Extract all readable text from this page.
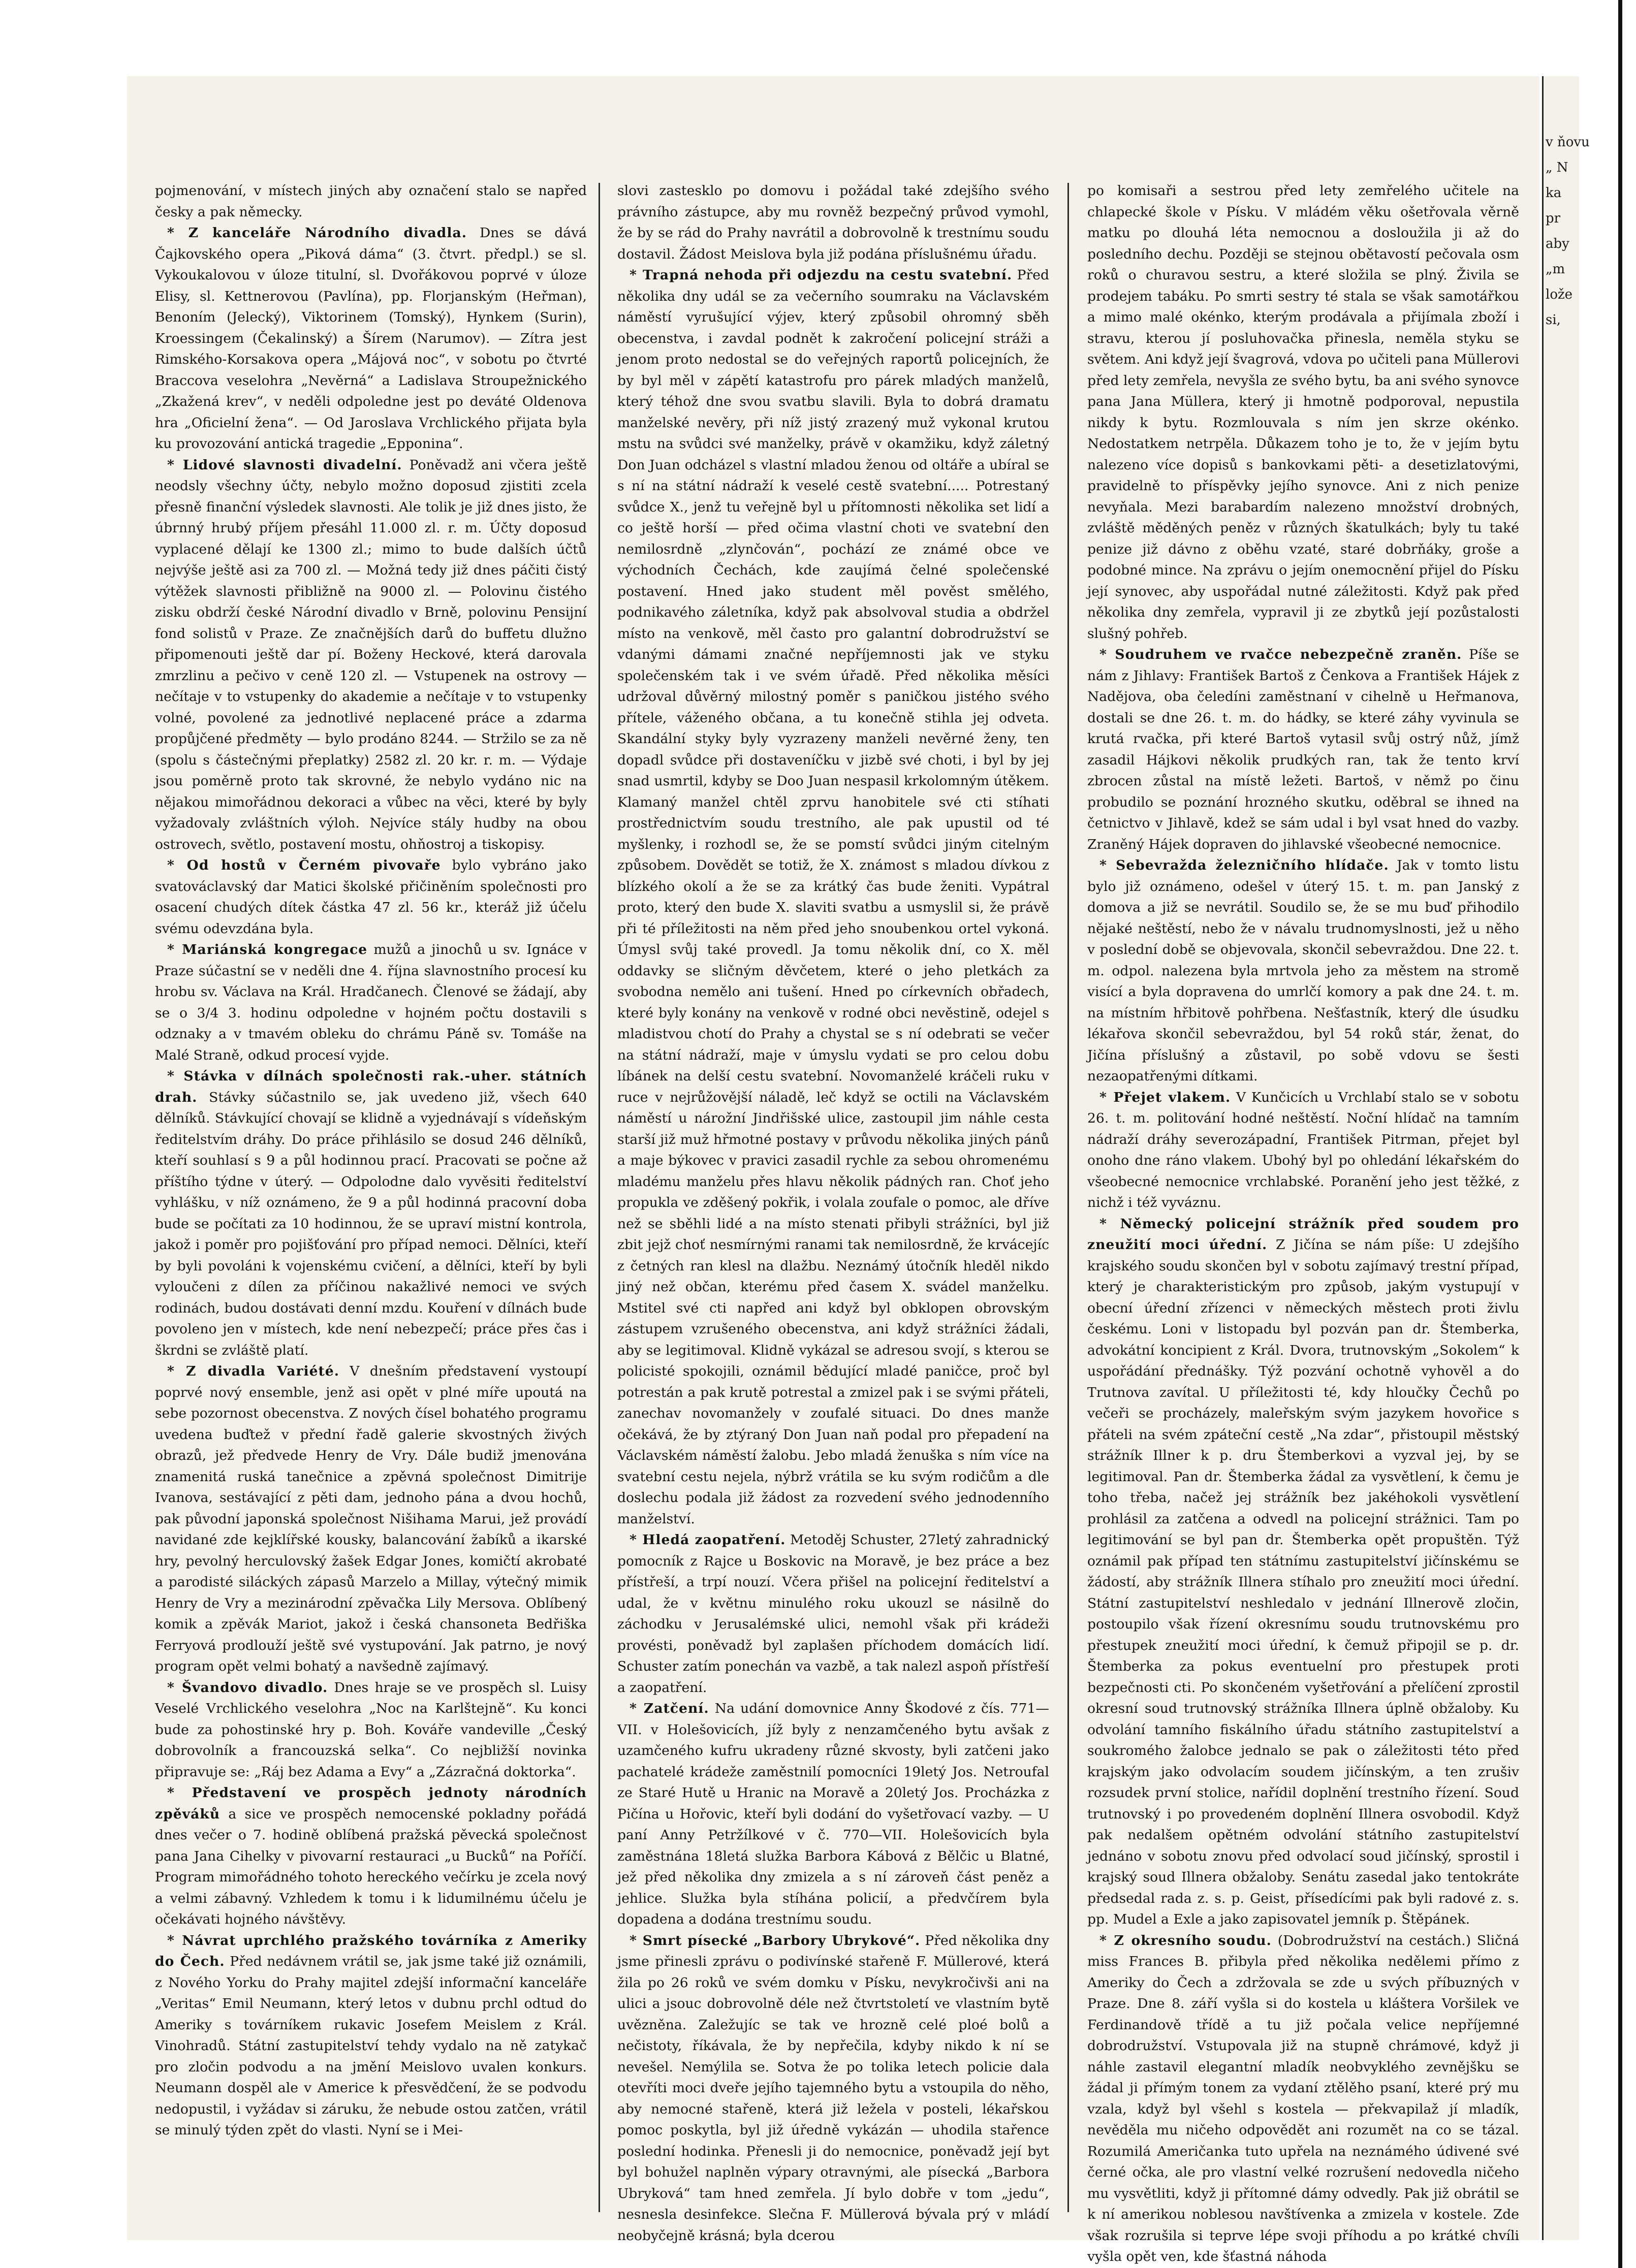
pojmenování, v místech jiných aby označení stalo se napřed česky a pak německy.

* Z kanceláře Národního divadla. Dnes se dává Čajkovského opera „Piková dáma“ (3. čtvrt. předpl.) se sl. Vykoukalovou v úloze titulní, sl. Dvořákovou poprvé v úloze Elisy, sl. Kettnerovou (Pavlína), pp. Florjanským (Heřman), Benoním (Jelecký), Viktorinem (Tomský), Hynkem (Surin), Kroessingem (Čekalinský) a Šírem (Narumov). — Zítra jest Rimského-Korsakova opera „Májová noc“, v sobotu po čtvrté Braccova veselohra „Nevěrná“ a Ladislava Stroupežnického „Zkažená krev“, v neděli odpoledne jest po deváté Oldenova hra „Oficielní žena“. — Od Jaroslava Vrchlického přijata byla ku provozování antická tragedie „Epponina“.

* Lidové slavnosti divadelní. Poněvadž ani včera ještě neodsly všechny účty, nebylo možno doposud zjistiti zcela přesně finanční výsledek slavnosti. Ale tolik je již dnes jisto, že úbrnný hrubý příjem přesáhl 11.000 zl. r. m. Účty doposud vyplacené dělají ke 1300 zl.; mimo to bude dalších účtů nejvýše ještě asi za 700 zl. — Možná tedy již dnes páčiti čistý výtěžek slavnosti přibližně na 9000 zl. — Polovinu čistého zisku obdrží české Národní divadlo v Brně, polovinu Pensijní fond solistů v Praze. Ze značnějších darů do buffetu dlužno připomenouti ještě dar pí. Boženy Heckové, která darovala zmrzlinu a pečivo v ceně 120 zl. — Vstupenek na ostrovy — nečítaje v to vstupenky do akademie a nečítaje v to vstupenky volné, povolené za jednotlivé neplacené práce a zdarma propůjčené předměty — bylo prodáno 8244. — Stržilo se za ně (spolu s částečnými přeplatky) 2582 zl. 20 kr. r. m. — Výdaje jsou poměrně proto tak skrovné, že nebylo vydáno nic na nějakou mimořádnou dekoraci a vůbec na věci, které by byly vyžadovaly zvláštních výloh. Nejvíce stály hudby na obou ostrovech, světlo, postavení mostu, ohňostroj a tiskopisy.

* Od hostů v Černém pivovaře bylo vybráno jako svatováclavský dar Matici školské přičiněním společnosti pro osacení chudých dítek částka 47 zl. 56 kr., kteráž již účelu svému odevzdána byla.

* Mariánská kongregace mužů a jinochů u sv. Ignáce v Praze súčastní se v neděli dne 4. října slavnostního procesí ku hrobu sv. Václava na Král. Hradčanech. Členové se žádají, aby se o 3/4 3. hodinu odpoledne v hojném počtu dostavili s odznaky a v tmavém obleku do chrámu Páně sv. Tomáše na Malé Straně, odkud procesí vyjde.

* Stávka v dílnách společnosti rak.-uher. státních drah. Stávky súčastnilo se, jak uvedeno již, všech 640 dělníků. Stávkující chovají se klidně a vyjednávají s vídeňským ředitelstvím dráhy. Do práce přihlásilo se dosud 246 dělníků, kteří souhlasí s 9 a půl hodinnou prací. Pracovati se počne až příštího týdne v úterý. — Odpolodne dalo vyvěsiti ředitelství vyhlášku, v níž oznámeno, že 9 a půl hodinná pracovní doba bude se počítati za 10 hodinnou, že se upraví mistní kontrola, jakož i poměr pro pojišťování pro případ nemoci. Dělníci, kteří by byli povoláni k vojenskému cvičení, a dělníci, kteří by byli vyloučeni z dílen za příčinou nakažlivé nemoci ve svých rodinách, budou dostávati denní mzdu. Kouření v dílnách bude povoleno jen v místech, kde není nebezpečí; práce přes čas i škrdni se zvláště platí.

* Z divadla Variété. V dnešním představení vystoupí poprvé nový ensemble, jenž asi opět v plné míře upoutá na sebe pozornost obecenstva. Z nových čísel bohatého programu uvedena buďtež v přední řadě galerie skvostných živých obrazů, jež předvede Henry de Vry. Dále budiž jmenována znamenitá ruská tanečnice a zpěvná společnost Dimitrije Ivanova, sestávající z pěti dam, jednoho pána a dvou hochů, pak původní japonská společnost Nišihama Marui, jež provádí navidané zde kejklířské kousky, balancování žabíků a ikarské hry, pevolný herculovský žašek Edgar Jones, komičtí akrobaté a parodisté siláckých zápasů Marzelo a Millay, výtečný mimik Henry de Vry a mezinárodní zpěvačka Lily Mersova. Oblíbený komik a zpěvák Mariot, jakož i česká chansoneta Bedřiška Ferryová prodlouží ještě své vystupování. Jak patrno, je nový program opět velmi bohatý a navšedně zajímavý.

* Švandovo divadlo. Dnes hraje se ve prospěch sl. Luisy Veselé Vrchlického veselohra „Noc na Karlštejně“. Ku konci bude za pohostinské hry p. Boh. Kováře vandeville „Český dobrovolník a francouzská selka“. Co nejbližší novinka připravuje se: „Ráj bez Adama a Evy“ a „Zázračná doktorka“.

* Představení ve prospěch jednoty národních zpěváků a sice ve prospěch nemocenské pokladny pořádá dnes večer o 7. hodině oblíbená pražská pěvecká společnost pana Jana Cihelky v pivovarní restauraci „u Bucků“ na Poříčí. Program mimořádného tohoto hereckého večírku je zcela nový a velmi zábavný. Vzhledem k tomu i k lidumilnému účelu je očekávati hojného návštěvy.

* Návrat uprchlého pražského továrníka z Ameriky do Čech. Před nedávnem vrátil se, jak jsme také již oznámili, z Nového Yorku do Prahy majitel zdejší informační kanceláře „Veritas“ Emil Neumann, který letos v dubnu prchl odtud do Ameriky s továrníkem rukavic Josefem Meislem z Král. Vinohradů. Státní zastupitelství tehdy vydalo na ně zatykač pro zločin podvodu a na jmění Meislovo uvalen konkurs. Neumann dospěl ale v Americe k přesvědčení, že se podvodu nedopustil, i vyžádav si záruku, že nebude ostou zatčen, vrátil se minulý týden zpět do vlasti. Nyní se i Mei-

slovi zastesklo po domovu i požádal také zdejšího svého právního zástupce, aby mu rovněž bezpečný průvod vymohl, že by se rád do Prahy navrátil a dobrovolně k trestnímu soudu dostavil. Žádost Meislova byla již podána příslušnému úřadu.

* Trapná nehoda při odjezdu na cestu svatební. Před několika dny udál se za večerního soumraku na Václavském náměstí vyrušující výjev, který způsobil ohromný sběh obecenstva, i zavdal podnět k zakročení policejní stráži a jenom proto nedostal se do veřejných raportů policejních, že by byl měl v zápětí katastrofu pro párek mladých manželů, který téhož dne svou svatbu slavili. Byla to dobrá dramatu manželské nevěry, při níž jistý zrazený muž vykonal krutou mstu na svůdci své manželky, právě v okamžiku, když záletný Don Juan odcházel s vlastní mladou ženou od oltáře a ubíral se s ní na státní nádraží k veselé cestě svatební..... Potrestaný svůdce X., jenž tu veřejně byl u přítomnosti několika set lidí a co ještě horší — před očima vlastní choti ve svatební den nemilosrdně „zlynčován“, pochází ze známé obce ve východních Čechách, kde zaujímá čelné společenské postavení. Hned jako student měl pověst smělého, podnikavého záletníka, když pak absolvoval studia a obdržel místo na venkově, měl často pro galantní dobrodružství se vdanými dámami značné nepříjemnosti jak ve styku společenském tak i ve svém úřadě. Před několika měsíci udržoval důvěrný milostný poměr s paničkou jistého svého přítele, váženého občana, a tu konečně stihla jej odveta. Skandální styky byly vyzrazeny manželi nevěrné ženy, ten dopadl svůdce při dostaveníčku v jizbě své choti, i byl by jej snad usmrtil, kdyby se Doo Juan nespasil krkolomným útěkem. Klamaný manžel chtěl zprvu hanobitele své cti stíhati prostřednictvím soudu trestního, ale pak upustil od té myšlenky, i rozhodl se, že se pomstí svůdci jiným citelným způsobem. Dovědět se totiž, že X. známost s mladou dívkou z blízkého okolí a že se za krátký čas bude ženiti. Vypátral proto, který den bude X. slaviti svatbu a usmyslil si, že právě při té příležitosti na něm před jeho snoubenkou ortel vykoná. Úmysl svůj také provedl. Ja tomu několik dní, co X. měl oddavky se sličným děvčetem, které o jeho pletkách za svobodna nemělo ani tušení. Hned po církevních obřadech, které byly konány na venkově v rodné obci nevěstině, odejel s mladistvou chotí do Prahy a chystal se s ní odebrati se večer na státní nádraží, maje v úmyslu vydati se pro celou dobu líbánek na delší cestu svatební. Novomanželé kráčeli ruku v ruce v nejrůžovější náladě, leč když se octili na Václavském náměstí u nárožní Jindřišské ulice, zastoupil jim náhle cesta starší již muž hřmotné postavy v průvodu několika jiných pánů a maje býkovec v pravici zasadil rychle za sebou ohromenému mladému manželu přes hlavu několik pádných ran. Choť jeho propukla ve zděšený pokřik, i volala zoufale o pomoc, ale dříve než se sběhli lidé a na místo stenati přibyli strážníci, byl již zbit jejž choť nesmírnými ranami tak nemilosrdně, že krvácejíc z četných ran klesl na dlažbu. Neznámý útočník hleděl nikdo jiný než občan, kterému před časem X. svádel manželku. Mstitel své cti napřed ani když byl obklopen obrovským zástupem vzrušeného obecenstva, ani když strážníci žádali, aby se legitimoval. Klidně vykázal se adresou svojí, s kterou se policisté spokojili, oznámil bědující mladé paničce, proč byl potrestán a pak krutě potrestal a zmizel pak i se svými přáteli, zanechav novomanžely v zoufalé situaci. Do dnes manže očekává, že by ztýraný Don Juan naň podal pro přepadení na Václavském náměstí žalobu. Jebo mladá ženuška s ním více na svatební cestu nejela, nýbrž vrátila se ku svým rodičům a dle doslechu podala již žádost za rozvedení svého jednodenního manželství.

* Hledá zaopatření. Metoděj Schuster, 27letý zahradnický pomocník z Rajce u Boskovic na Moravě, je bez práce a bez přístřeší, a trpí nouzí. Včera přišel na policejní ředitelství a udal, že v květnu minulého roku ukouzl se násilně do záchodku v Jerusalémské ulici, nemohl však při krádeži provésti, poněvadž byl zaplašen příchodem domácích lidí. Schuster zatím ponechán va vazbě, a tak nalezl aspoň přístřeší a zaopatření.

* Zatčení. Na udání domovnice Anny Škodové z čís. 771—VII. v Holešovicích, jíž byly z nenzamčeného bytu avšak z uzamčeného kufru ukradeny různé skvosty, byli zatčeni jako pachatelé krádeže zaměstnilí pomocníci 19letý Jos. Netroufal ze Staré Hutě u Hranic na Moravě a 20letý Jos. Procházka z Pičína u Hořovic, kteří byli dodání do vyšetřovací vazby. — U paní Anny Petržílkové v č. 770—VII. Holešovicích byla zaměstnána 18letá služka Barbora Kábová z Bělčic u Blatné, jež před několika dny zmizela a s ní zároveň část peněz a jehlice. Služka byla stíhána policií, a předvčírem byla dopadena a dodána trestnímu soudu.

* Smrt písecké „Barbory Ubrykové“. Před několika dny jsme přinesli zprávu o podivínské stařeně F. Müllerové, která žila po 26 roků ve svém domku v Písku, nevykročivši ani na ulici a jsouc dobrovolně déle než čtvrtstoletí ve vlastním bytě uvězněna. Zaležujíc se tak ve hrozně celé ploé bolů a nečistoty, říkávala, že by nepřečila, kdyby nikdo k ní se nevešel. Nemýlila se. Sotva že po tolika letech policie dala otevříti moci dveře jejího tajemného bytu a vstoupila do něho, aby nemocné stařeně, která již ležela v posteli, lékařskou pomoc poskytla, byl již úředně vykázán — uhodila stařence poslední hodinka. Přenesli ji do nemocnice, poněvadž její byt byl bohužel naplněn výpary otravnými, ale písecká „Barbora Ubryková“ tam hned zemřela. Jí bylo dobře v tom „jedu“, nesnesla desinfekce. Slečna F. Müllerová bývala prý v mládí neobyčejně krásná; byla dcerou

po komisaři a sestrou před lety zemřelého učitele na chlapecké škole v Písku. V mládém věku ošetřovala věrně matku po dlouhá léta nemocnou a dosloužila ji až do posledního dechu. Později se stejnou obětavostí pečovala osm roků o churavou sestru, a které složila se plný. Živila se prodejem tabáku. Po smrti sestry té stala se však samotářkou a mimo malé okénko, kterým prodávala a přijímala zboží i stravu, kterou jí posluhovačka přinesla, neměla styku se světem. Ani když její švagrová, vdova po učiteli pana Müllerovi před lety zemřela, nevyšla ze svého bytu, ba ani svého synovce pana Jana Müllera, který ji hmotně podporoval, nepustila nikdy k bytu. Rozmlouvala s ním jen skrze okénko. Nedostatkem netrpěla. Důkazem toho je to, že v jejím bytu nalezeno více dopisů s bankovkami pěti- a desetizlatovými, pravidelně to příspěvky jejího synovce. Ani z nich penize nevyňala. Mezi barabardím nalezeno množství drobných, zvláště měděných peněz v různých škatulkách; byly tu také penize již dávno z oběhu vzaté, staré dobrňáky, groše a podobné mince. Na zprávu o jejím onemocnění přijel do Písku její synovec, aby uspořádal nutné záležitosti. Když pak před několika dny zemřela, vypravil ji ze zbytků její pozůstalosti slušný pohřeb.

* Soudruhem ve rvačce nebezpečně zraněn. Píše se nám z Jihlavy: František Bartoš z Čenkova a František Hájek z Nadějova, oba čeledíni zaměstnaní v cihelně u Heřmanova, dostali se dne 26. t. m. do hádky, se které záhy vyvinula se krutá rvačka, při které Bartoš vytasil svůj ostrý nůž, jímž zasadil Hájkovi několik prudkých ran, tak že tento krví zbrocen zůstal na místě ležeti. Bartoš, v němž po činu probudilo se poznání hrozného skutku, oděbral se ihned na četnictvo v Jihlavě, kdež se sám udal i byl vsat hned do vazby. Zraněný Hájek dopraven do jihlavské všeobecné nemocnice.

* Sebevražda železničního hlídače. Jak v tomto listu bylo již oznámeno, odešel v úterý 15. t. m. pan Janský z domova a již se nevrátil. Soudilo se, že se mu buď přihodilo nějaké neštěstí, nebo že v návalu trudnomyslnosti, jež u něho v poslední době se objevovala, skončil sebevraždou. Dne 22. t. m. odpol. nalezena byla mrtvola jeho za městem na stromě visící a byla dopravena do umrlčí komory a pak dne 24. t. m. na místním hřbitově pohřbena. Nešťastník, který dle úsudku lékařova skončil sebevraždou, byl 54 roků stár, ženat, do Jičína příslušný a zůstavil, po sobě vdovu se šesti nezaopatřenými dítkami.

* Přejet vlakem. V Kunčicích u Vrchlabí stalo se v sobotu 26. t. m. politování hodné neštěstí. Noční hlídač na tamním nádraží dráhy severozápadní, František Pitrman, přejet byl onoho dne ráno vlakem. Ubohý byl po ohledání lékařském do všeobecné nemocnice vrchlabské. Poranění jeho jest těžké, z nichž i též vyváznu.

* Německý policejní strážník před soudem pro zneužití moci úřední. Z Jičína se nám píše: U zdejšího krajského soudu skončen byl v sobotu zajímavý trestní případ, který je charakteristickým pro způsob, jakým vystupují v obecní úřední zřízenci v německých městech proti živlu českému. Loni v listopadu byl pozván pan dr. Štemberka, advokátní koncipient z Král. Dvora, trutnovským „Sokolem“ k uspořádání přednášky. Týž pozvání ochotně vyhověl a do Trutnova zavítal. U příležitosti té, kdy hloučky Čechů po večeři se procházely, maleřským svým jazykem hovořice s přáteli na svém zpáteční cestě „Na zdar“, přistoupil městský strážník Illner k p. dru Štemberkovi a vyzval jej, by se legitimoval. Pan dr. Štemberka žádal za vysvětlení, k čemu je toho třeba, načež jej strážník bez jakéhokoli vysvětlení prohlásil za zatčena a odvedl na policejní strážnici. Tam po legitimování se byl pan dr. Štemberka opět propuštěn. Týž oznámil pak případ ten státnímu zastupitelství jičínskému se žádostí, aby strážník Illnera stíhalo pro zneužití moci úřední. Státní zastupitelství neshledalo v jednání Illnerově zločin, postoupilo však řízení okresnímu soudu trutnovskému pro přestupek zneužití moci úřední, k čemuž připojil se p. dr. Štemberka za pokus eventuelní pro přestupek proti bezpečnosti cti. Po skončeném vyšetřování a přelíčení zprostil okresní soud trutnovský strážníka Illnera úplně obžaloby. Ku odvolání tamního fiskálního úřadu státního zastupitelství a soukromého žalobce jednalo se pak o záležitosti této před krajským jako odvolacím soudem jičínským, a ten zrušiv rozsudek první stolice, nařídil doplnění trestního řízení. Soud trutnovský i po provedeném doplnění Illnera osvobodil. Když pak nedalšem opětném odvolání státního zastupitelství jednáno v sobotu znovu před odvolací soud jičínský, sprostil i krajský soud Illnera obžaloby. Senátu zasedal jako tentokráte předsedal rada z. s. p. Geist, přísedícími pak byli radové z. s. pp. Mudel a Exle a jako zapisovatel jemník p. Štěpánek.

* Z okresního soudu. (Dobrodružství na cestách.) Sličná miss Frances B. přibyla před několika nedělemi přímo z Ameriky do Čech a zdržovala se zde u svých příbuzných v Praze. Dne 8. září vyšla si do kostela u kláštera Voršilek ve Ferdinandově třídě a tu již počala velice nepříjemné dobrodružství. Vstupovala již na stupně chrámové, když ji náhle zastavil elegantní mladík neobvyklého zevnějšku se žádal ji přímým tonem za vydaní ztělěho psaní, které prý mu vzala, když byl všehl s kostela — překvapilaž jí mladík, nevěděla mu ničeho odpovědět ani rozumět na co se tázal. Rozumilá Američanka tuto upřela na neznámého údivené své černé očka, ale pro vlastní velké rozrušení nedovedla ničeho mu vysvětliti, když ji přítomné dámy odvedly. Pak již obrátil se k ní amerikou noblesou navštívenka a zmizela v kostele. Zde však rozrušila si teprve lépe svoji příhodu a po krátké chvíli vyšla opět ven, kde šťastná náhoda

v ňovu
„ N
ka
pr
aby
„m
lože
si,
